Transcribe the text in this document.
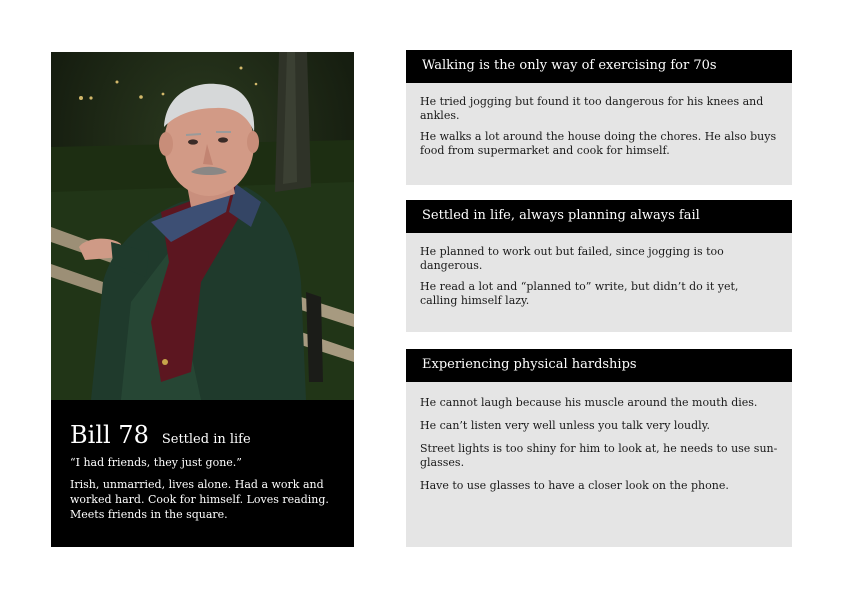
Bill 78 Settled in life
“I had friends, they just gone.”
Irish, unmarried, lives alone. Had a work and worked hard. Cook for himself. Loves reading. Meets friends in the square.
Walking is the only way of exercising for 70s

He tried jogging but found it too dangerous for his knees and ankles.

He walks a lot around the house doing the chores. He also buys food from supermarket and cook for himself.

Settled in life, always planning always fail

He planned to work out but failed, since jogging is too dangerous.

He read a lot and “planned to” write, but didn’t do it yet, calling himself lazy.

Experiencing physical hardships

He cannot laugh because his muscle around the mouth dies.

He can’t listen very well unless you talk very loudly.

Street lights is too shiny for him to look at, he needs to use sun-glasses.

Have to use glasses to have a closer look on the phone.
